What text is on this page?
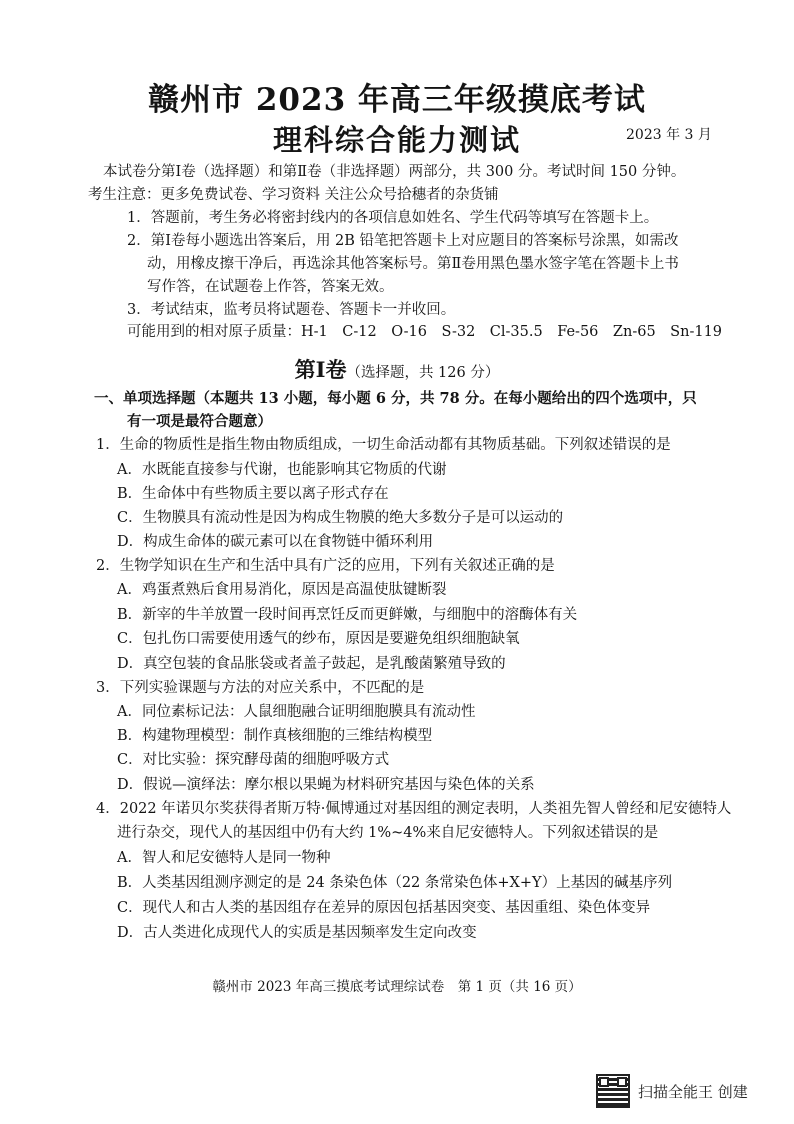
赣州市 2023 年高三年级摸底考试
理科综合能力测试	2023 年 3 月
本试卷分第Ⅰ卷（选择题）和第Ⅱ卷（非选择题）两部分，共 300 分。考试时间 150 分钟。
考生注意：更多免费试卷、学习资料 关注公众号拾穗者的杂货铺
1．答题前，考生务必将密封线内的各项信息如姓名、学生代码等填写在答题卡上。
2．第Ⅰ卷每小题选出答案后，用 2B 铅笔把答题卡上对应题目的答案标号涂黑，如需改
动，用橡皮擦干净后，再选涂其他答案标号。第Ⅱ卷用黑色墨水签字笔在答题卡上书
写作答，在试题卷上作答，答案无效。
3．考试结束，监考员将试题卷、答题卡一并收回。
可能用到的相对原子质量：H-1　C-12　O-16　S-32　Cl-35.5　Fe-56　Zn-65　Sn-119
第Ⅰ卷（选择题，共 126 分）
一、单项选择题（本题共 13 小题，每小题 6 分，共 78 分。在每小题给出的四个选项中，只
有一项是最符合题意）
1．生命的物质性是指生物由物质组成，一切生命活动都有其物质基础。下列叙述错误的是
A．水既能直接参与代谢，也能影响其它物质的代谢
B．生命体中有些物质主要以离子形式存在
C．生物膜具有流动性是因为构成生物膜的绝大多数分子是可以运动的
D．构成生命体的碳元素可以在食物链中循环利用
2．生物学知识在生产和生活中具有广泛的应用，下列有关叙述正确的是
A．鸡蛋煮熟后食用易消化，原因是高温使肽键断裂
B．新宰的牛羊放置一段时间再烹饪反而更鲜嫩，与细胞中的溶酶体有关
C．包扎伤口需要使用透气的纱布，原因是要避免组织细胞缺氧
D．真空包装的食品胀袋或者盖子鼓起，是乳酸菌繁殖导致的
3．下列实验课题与方法的对应关系中，不匹配的是
A．同位素标记法：人鼠细胞融合证明细胞膜具有流动性
B．构建物理模型：制作真核细胞的三维结构模型
C．对比实验：探究酵母菌的细胞呼吸方式
D．假说—演绎法：摩尔根以果蝇为材料研究基因与染色体的关系
4．2022 年诺贝尔奖获得者斯万特·佩博通过对基因组的测定表明，人类祖先智人曾经和尼安德特人
进行杂交，现代人的基因组中仍有大约 1%~4%来自尼安德特人。下列叙述错误的是
A．智人和尼安德特人是同一物种
B．人类基因组测序测定的是 24 条染色体（22 条常染色体+X+Y）上基因的碱基序列
C．现代人和古人类的基因组存在差异的原因包括基因突变、基因重组、染色体变异
D．古人类进化成现代人的实质是基因频率发生定向改变
赣州市 2023 年高三摸底考试理综试卷　第 1 页（共 16 页）
扫描全能王 创建
